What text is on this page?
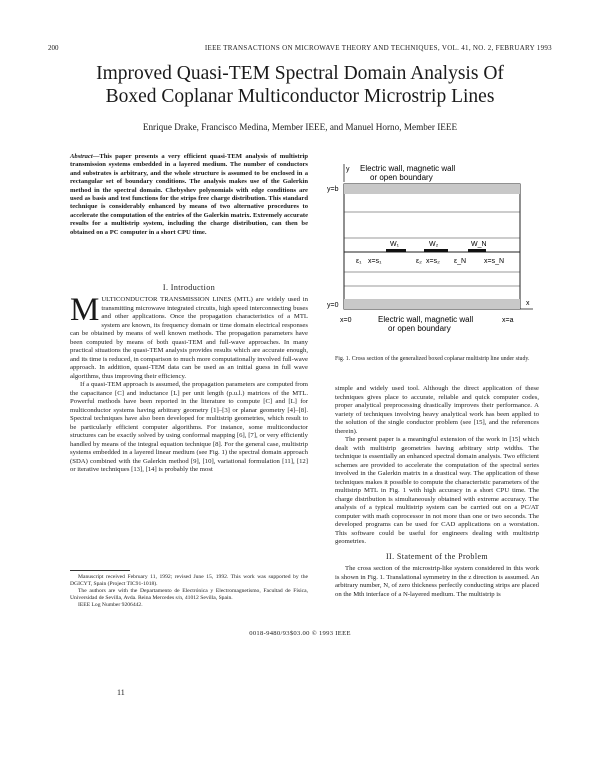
200	IEEE TRANSACTIONS ON MICROWAVE THEORY AND TECHNIQUES, VOL. 41, NO. 2, FEBRUARY 1993
Improved Quasi-TEM Spectral Domain Analysis Of
Boxed Coplanar Multiconductor Microstrip Lines
Enrique Drake, Francisco Medina, Member IEEE, and Manuel Horno, Member IEEE
Abstract—This paper presents a very efficient quasi-TEM analysis of multistrip transmission systems embedded in a layered medium. The number of conductors and substrates is arbitrary, and the whole structure is assumed to be enclosed in a rectangular set of boundary conditions. The analysis makes use of the Galerkin method in the spectral domain. Chebyshev polynomials with edge conditions are used as basis and test functions for the strips free charge distribution. This standard technique is considerably enhanced by means of two alternative procedures to accelerate the computation of the entries of the Galerkin matrix. Extremely accurate results for a multistrip system, including the charge distribution, can then be obtained on a PC computer in a short CPU time.
I. Introduction

MULTICONDUCTOR TRANSMISSION LINES (MTL) are widely used in transmitting microwave integrated circuits, high speed interconnecting buses and other applications. Once the propagation characteristics of a MTL system are known, its frequency domain or time domain electrical responses can be obtained by means of well known methods. The propagation parameters have been computed by means of both quasi-TEM and full-wave approaches. In many practical situations the quasi-TEM analysis provides results which are accurate enough, and its time is reduced, in comparison to much more computationally involved full-wave approach. In addition, quasi-TEM data can be used as an initial guess in full wave algorithms, thus improving their efficiency.

If a quasi-TEM approach is assumed, the propagation parameters are computed from the capacitance [C] and inductance [L] per unit length (p.u.l.) matrices of the MTL. Powerful methods have been reported in the literature to compute [C] and [L] for multiconductor systems having arbitrary geometry [1]–[3] or planar geometry [4]–[8]. Spectral techniques have also been developed for multistrip geometries, which result to be particularly efficient computer algorithms. For instance, some multiconductor structures can be exactly solved by using conformal mapping [6], [7], or very efficiently handled by means of the integral equation technique [8]. For the general case, multistrip systems embedded in a layered linear medium (see Fig. 1) the spectral domain approach (SDA) combined with the Galerkin method [9], [10], variational formulation [11], [12] or iterative techniques [13], [14] is probably the most

Manuscript received February 11, 1992; revised June 15, 1992. This work was supported by the DGICYT, Spain (Project TIC91-1018).

The authors are with the Departamento de Electrónica y Electromagnetismo, Facultad de Física, Universidad de Sevilla, Avda. Reina Mercedes s/n, 41012 Sevilla, Spain.

IEEE Log Number 9206442.

y Electric wall, magnetic wall
or open boundary
y=b
y=0
W₁	W₂	W_N
ε₁	ε₂	ε_N
x=s₁	x=s₂	x=s_N
x
Electric wall, magnetic wall
or open boundary
x=0	x=a
Fig. 1. Cross section of the generalized boxed coplanar multistrip line under study.

simple and widely used tool. Although the direct application of these techniques gives place to accurate, reliable and quick computer codes, proper analytical preprocessing drastically improves their performance. A variety of techniques involving heavy analytical work has been applied to the solution of the single conductor problem (see [15], and the references therein).

The present paper is a meaningful extension of the work in [15] which dealt with multistrip geometries having arbitrary strip widths. The technique is essentially an enhanced spectral domain analysis. Two efficient schemes are provided to accelerate the computation of the spectral series involved in the Galerkin matrix in a drastical way. The application of these techniques makes it possible to compute the characteristic parameters of the multistrip MTL in Fig. 1 with high accuracy in a short CPU time. The charge distribution is simultaneously obtained with extreme accuracy. The analysis of a typical multistrip system can be carried out on a PC/AT computer with math coprocessor in not more than one or two seconds. The developed programs can be used for CAD applications on a worstation. This software could be useful for engineers dealing with multistrip geometries.

II. Statement of the Problem

The cross section of the microstrip-like system considered in this work is shown in Fig. 1. Translational symmetry in the z direction is assumed. An arbitrary number, N, of zero thickness perfectly conducting strips are placed on the Mth interface of a N-layered medium. The multistrip is

0018-9480/93$03.00 © 1993 IEEE
11
